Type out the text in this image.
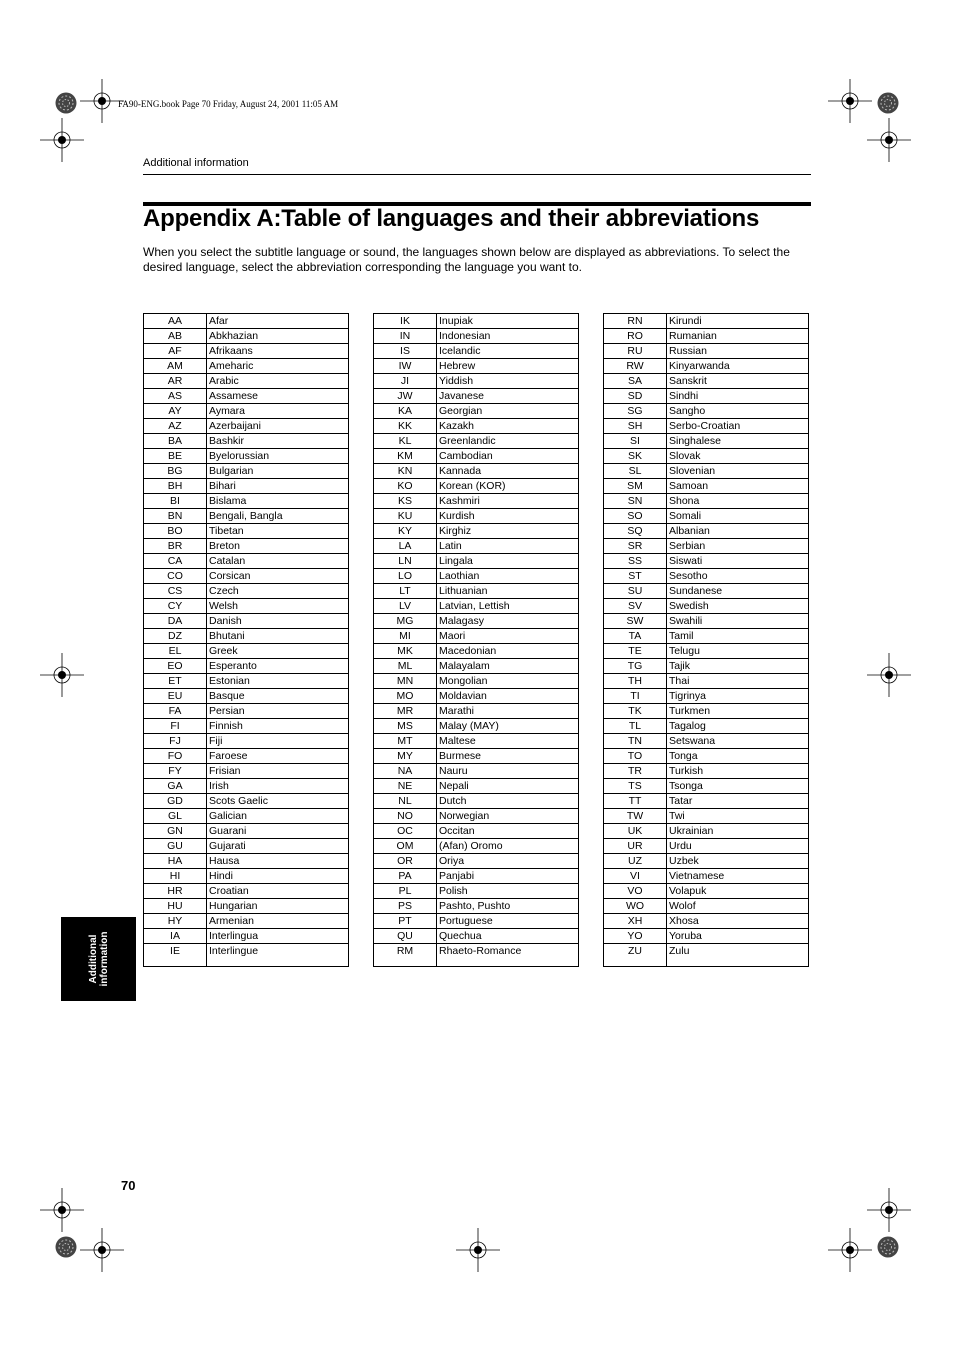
FA90-ENG.book Page 70 Friday, August 24, 2001 11:05 AM
Additional information
Appendix A:Table of languages and their abbreviations

When you select the subtitle language or sound, the languages shown below are displayed as abbreviations. To select the desired language, select the abbreviation corresponding the language you want to.

AA	Afar
AB	Abkhazian
AF	Afrikaans
AM	Ameharic
AR	Arabic
AS	Assamese
AY	Aymara
AZ	Azerbaijani
BA	Bashkir
BE	Byelorussian
BG	Bulgarian
BH	Bihari
BI	Bislama
BN	Bengali, Bangla
BO	Tibetan
BR	Breton
CA	Catalan
CO	Corsican
CS	Czech
CY	Welsh
DA	Danish
DZ	Bhutani
EL	Greek
EO	Esperanto
ET	Estonian
EU	Basque
FA	Persian
FI	Finnish
FJ	Fiji
FO	Faroese
FY	Frisian
GA	Irish
GD	Scots Gaelic
GL	Galician
GN	Guarani
GU	Gujarati
HA	Hausa
HI	Hindi
HR	Croatian
HU	Hungarian
HY	Armenian
IA	Interlingua
IE	Interlingue
IK	Inupiak
IN	Indonesian
IS	Icelandic
IW	Hebrew
JI	Yiddish
JW	Javanese
KA	Georgian
KK	Kazakh
KL	Greenlandic
KM	Cambodian
KN	Kannada
KO	Korean (KOR)
KS	Kashmiri
KU	Kurdish
KY	Kirghiz
LA	Latin
LN	Lingala
LO	Laothian
LT	Lithuanian
LV	Latvian, Lettish
MG	Malagasy
MI	Maori
MK	Macedonian
ML	Malayalam
MN	Mongolian
MO	Moldavian
MR	Marathi
MS	Malay (MAY)
MT	Maltese
MY	Burmese
NA	Nauru
NE	Nepali
NL	Dutch
NO	Norwegian
OC	Occitan
OM	(Afan) Oromo
OR	Oriya
PA	Panjabi
PL	Polish
PS	Pashto, Pushto
PT	Portuguese
QU	Quechua
RM	Rhaeto-Romance
RN	Kirundi
RO	Rumanian
RU	Russian
RW	Kinyarwanda
SA	Sanskrit
SD	Sindhi
SG	Sangho
SH	Serbo-Croatian
SI	Singhalese
SK	Slovak
SL	Slovenian
SM	Samoan
SN	Shona
SO	Somali
SQ	Albanian
SR	Serbian
SS	Siswati
ST	Sesotho
SU	Sundanese
SV	Swedish
SW	Swahili
TA	Tamil
TE	Telugu
TG	Tajik
TH	Thai
TI	Tigrinya
TK	Turkmen
TL	Tagalog
TN	Setswana
TO	Tonga
TR	Turkish
TS	Tsonga
TT	Tatar
TW	Twi
UK	Ukrainian
UR	Urdu
UZ	Uzbek
VI	Vietnamese
VO	Volapuk
WO	Wolof
XH	Xhosa
YO	Yoruba
ZU	Zulu
Additional information
70
